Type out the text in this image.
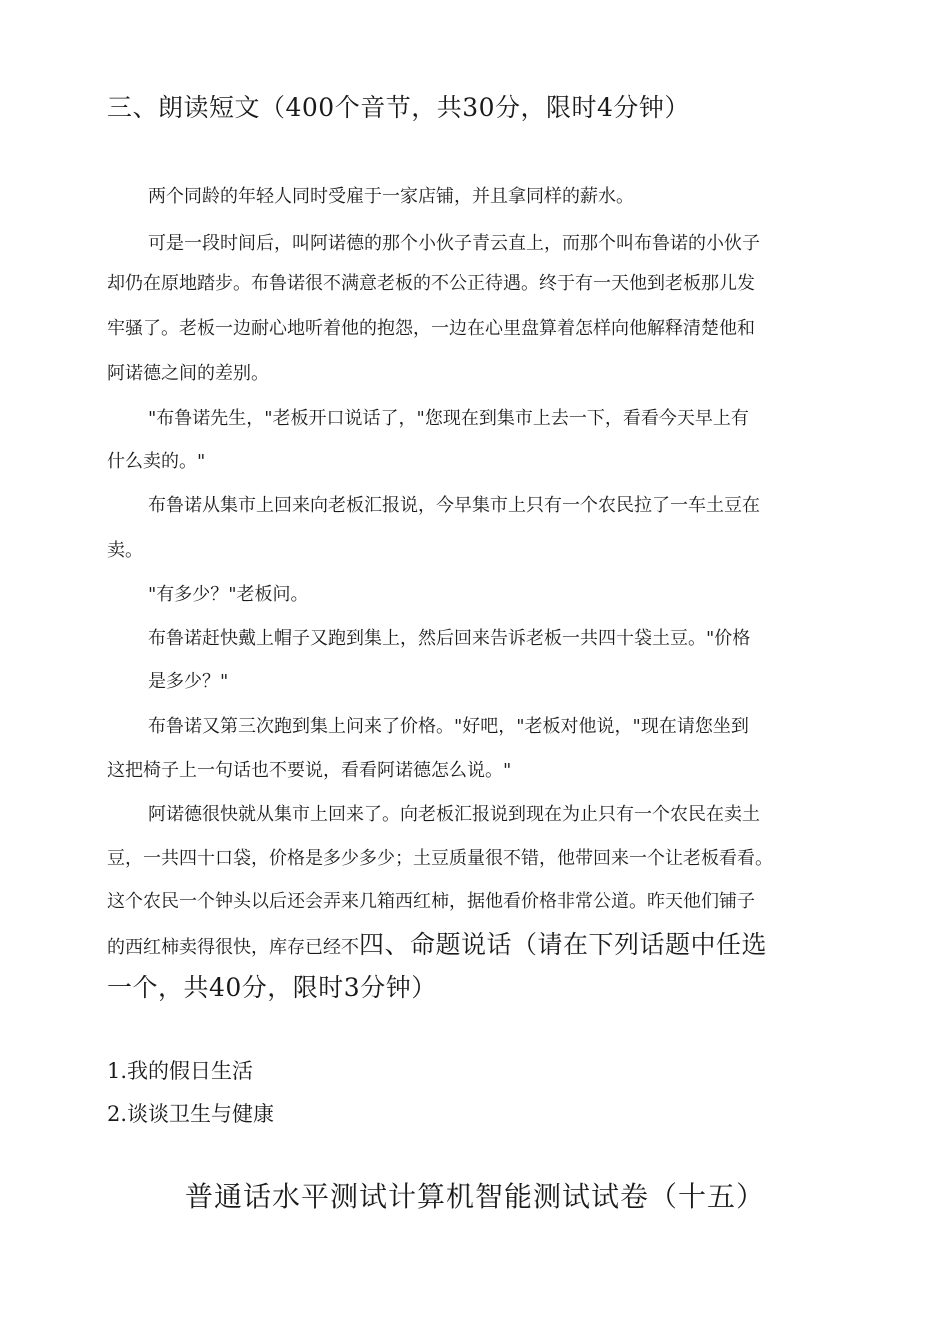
三、朗读短文（400个音节，共30分，限时4分钟）
两个同龄的年轻人同时受雇于一家店铺，并且拿同样的薪水。
可是一段时间后，叫阿诺德的那个小伙子青云直上，而那个叫布鲁诺的小伙子
却仍在原地踏步。布鲁诺很不满意老板的不公正待遇。终于有一天他到老板那儿发
牢骚了。老板一边耐心地听着他的抱怨，一边在心里盘算着怎样向他解释清楚他和
阿诺德之间的差别。
"布鲁诺先生，"老板开口说话了，"您现在到集市上去一下，看看今天早上有
什么卖的。"
布鲁诺从集市上回来向老板汇报说，今早集市上只有一个农民拉了一车土豆在
卖。
"有多少？"老板问。
布鲁诺赶快戴上帽子又跑到集上，然后回来告诉老板一共四十袋土豆。"价格
是多少？"
布鲁诺又第三次跑到集上问来了价格。"好吧，"老板对他说，"现在请您坐到
这把椅子上一句话也不要说，看看阿诺德怎么说。"
阿诺德很快就从集市上回来了。向老板汇报说到现在为止只有一个农民在卖土
豆，一共四十口袋，价格是多少多少；土豆质量很不错，他带回来一个让老板看看。
这个农民一个钟头以后还会弄来几箱西红柿，据他看价格非常公道。昨天他们铺子
的西红柿卖得很快，库存已经不四、命题说话（请在下列话题中任选
一个，共40分，限时3分钟）
1.我的假日生活
2.谈谈卫生与健康
普通话水平测试计算机智能测试试卷（十五）
